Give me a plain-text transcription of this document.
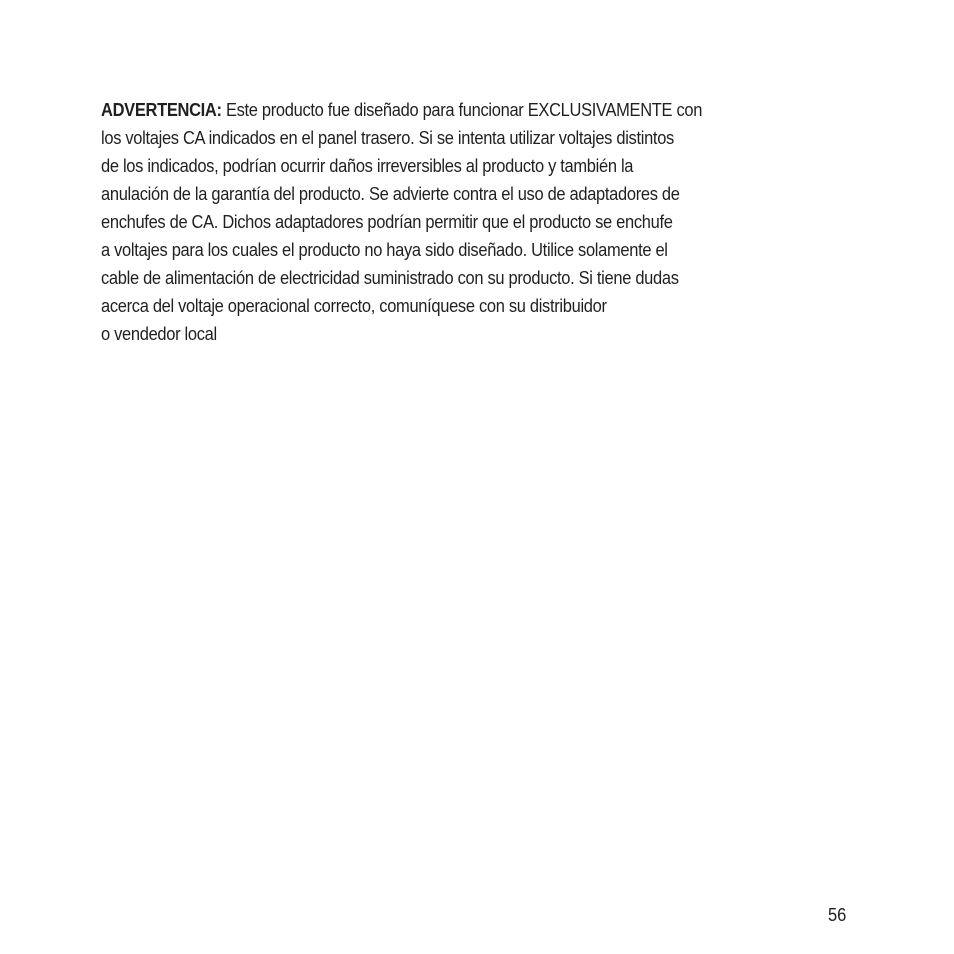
ADVERTENCIA: Este producto fue diseñado para funcionar EXCLUSIVAMENTE con
los voltajes CA indicados en el panel trasero. Si se intenta utilizar voltajes distintos
de los indicados, podrían ocurrir daños irreversibles al producto y también la
anulación de la garantía del producto. Se advierte contra el uso de adaptadores de
enchufes de CA. Dichos adaptadores podrían permitir que el producto se enchufe
a voltajes para los cuales el producto no haya sido diseñado. Utilice solamente el
cable de alimentación de electricidad suministrado con su producto. Si tiene dudas
acerca del voltaje operacional correcto, comuníquese con su distribuidor
o vendedor local
56
